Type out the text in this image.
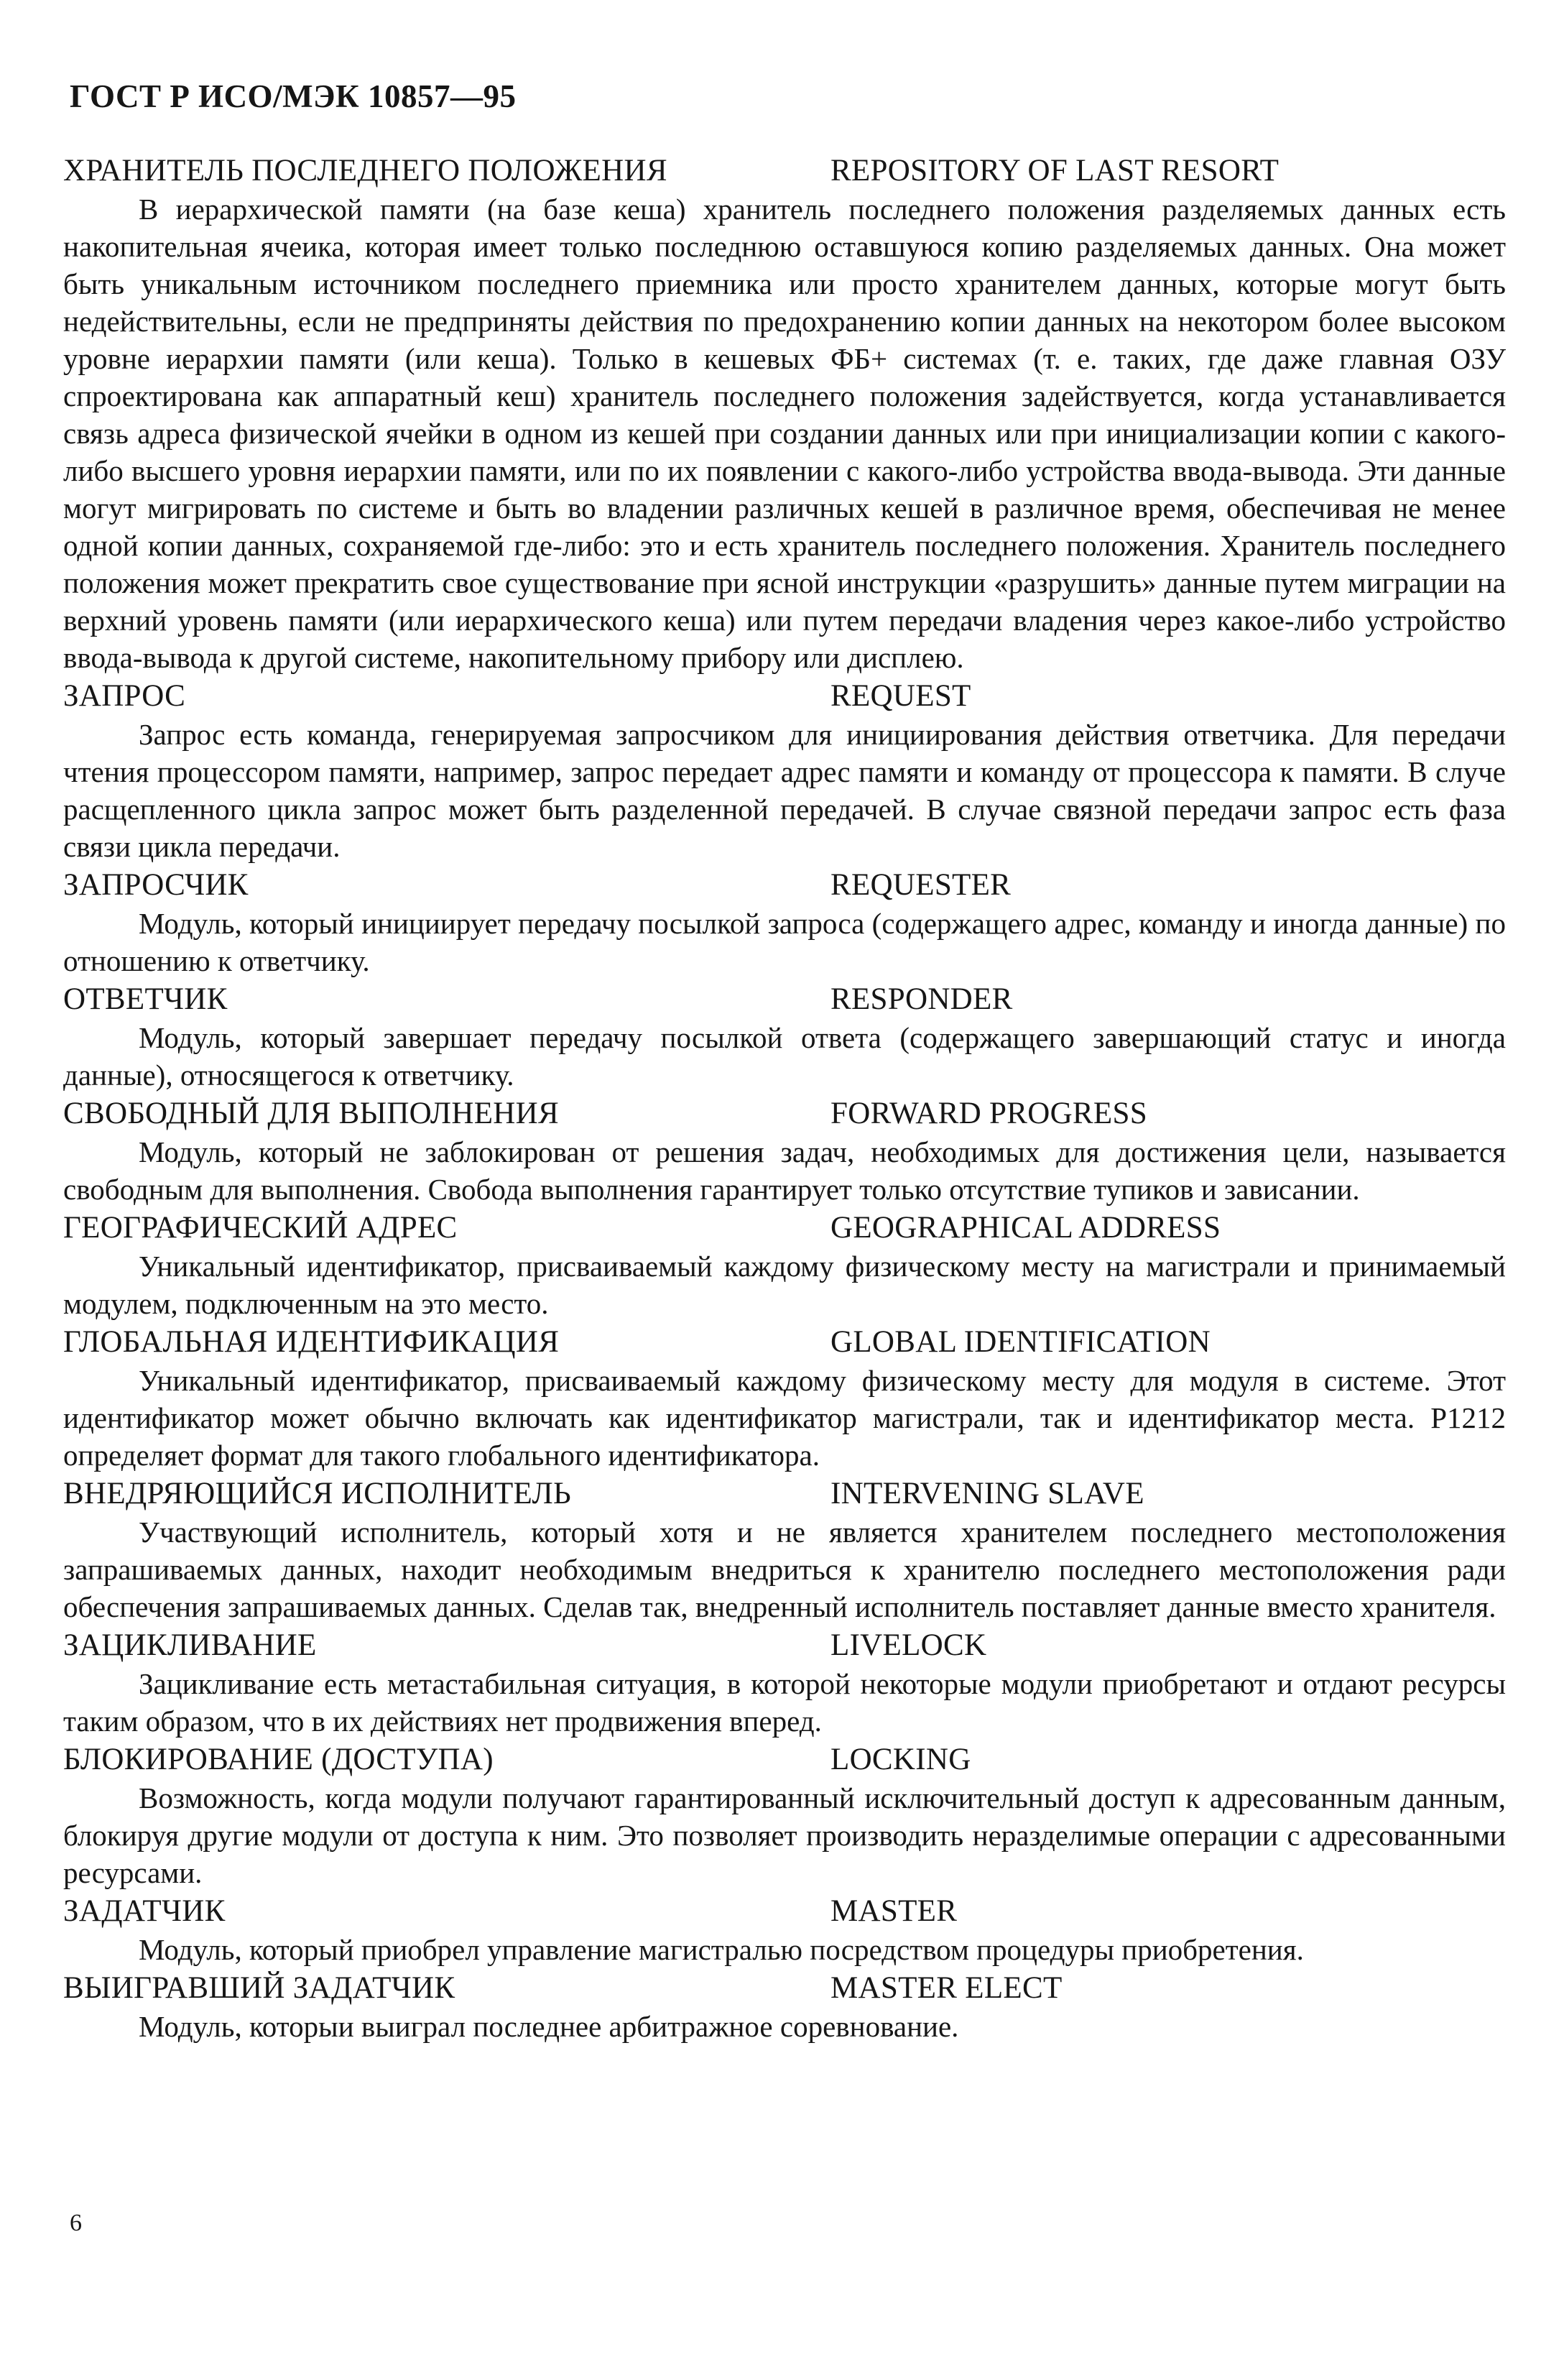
ГОСТ Р ИСО/МЭК 10857—95
ХРАНИТЕЛЬ ПОСЛЕДНЕГО ПОЛОЖЕНИЯ	REPOSITORY OF LAST RESORT

В иерархической памяти (на базе кеша) хранитель последнего положения разделяемых данных есть накопительная ячеика, которая имеет только последнюю оставшуюся копию разделяемых данных. Она может быть уникальным источником последнего приемника или просто хранителем данных, которые могут быть недействительны, если не предприняты действия по предохранению копии данных на некотором более высоком уровне иерархии памяти (или кеша). Только в кешевых ФБ+ системах (т. е. таких, где даже главная ОЗУ спроектирована как аппаратный кеш) хранитель последнего положения задействуется, когда устанавливается связь адреса физической ячейки в одном из кешей при создании данных или при инициализации копии с какого-либо высшего уровня иерархии памяти, или по их появлении с какого-либо устройства ввода-вывода. Эти данные могут мигрировать по системе и быть во владении различных кешей в различное время, обеспечивая не менее одной копии данных, сохраняемой где-либо: это и есть хранитель последнего положения. Хранитель последнего положения может прекратить свое существование при ясной инструкции «разрушить» данные путем миграции на верхний уровень памяти (или иерархического кеша) или путем передачи владения через какое-либо устройство ввода-вывода к другой системе, накопительному прибору или дисплею.

ЗАПРОС	REQUEST

Запрос есть команда, генерируемая запросчиком для инициирования действия ответчика. Для передачи чтения процессором памяти, например, запрос передает адрес памяти и команду от процессора к памяти. В случе расщепленного цикла запрос может быть разделенной передачей. В случае связной передачи запрос есть фаза связи цикла передачи.

ЗАПРОСЧИК	REQUESTER

Модуль, который инициирует передачу посылкой запроса (содержащего адрес, команду и иногда данные) по отношению к ответчику.

ОТВЕТЧИК	RESPONDER

Модуль, который завершает передачу посылкой ответа (содержащего завершающий статус и иногда данные), относящегося к ответчику.

СВОБОДНЫЙ ДЛЯ ВЫПОЛНЕНИЯ	FORWARD PROGRESS

Модуль, который не заблокирован от решения задач, необходимых для достижения цели, называется свободным для выполнения. Свобода выполнения гарантирует только отсутствие тупиков и зависании.

ГЕОГРАФИЧЕСКИЙ АДРЕС	GEOGRAPHICAL ADDRESS

Уникальный идентификатор, присваиваемый каждому физическому месту на магистрали и принимаемый модулем, подключенным на это место.

ГЛОБАЛЬНАЯ ИДЕНТИФИКАЦИЯ	GLOBAL IDENTIFICATION

Уникальный идентификатор, присваиваемый каждому физическому месту для модуля в системе. Этот идентификатор может обычно включать как идентификатор магистрали, так и идентификатор места. Р1212 определяет формат для такого глобального идентификатора.

ВНЕДРЯЮЩИЙСЯ ИСПОЛНИТЕЛЬ	INTERVENING SLAVE

Участвующий исполнитель, который хотя и не является хранителем последнего местоположения запрашиваемых данных, находит необходимым внедриться к хранителю последнего местоположения ради обеспечения запрашиваемых данных. Сделав так, внедренный исполнитель поставляет данные вместо хранителя.

ЗАЦИКЛИВАНИЕ	LIVELOCK

Зацикливание есть метастабильная ситуация, в которой некоторые модули приобретают и отдают ресурсы таким образом, что в их действиях нет продвижения вперед.

БЛОКИРОВАНИЕ (ДОСТУПА)	LOCKING

Возможность, когда модули получают гарантированный исключительный доступ к адресованным данным, блокируя другие модули от доступа к ним. Это позволяет производить неразделимые операции с адресованными ресурсами.

ЗАДАТЧИК	MASTER

Модуль, который приобрел управление магистралью посредством процедуры приобретения.

ВЫИГРАВШИЙ ЗАДАТЧИК	MASTER ELECT

Модуль, которыи выиграл последнее арбитражное соревнование.

6
